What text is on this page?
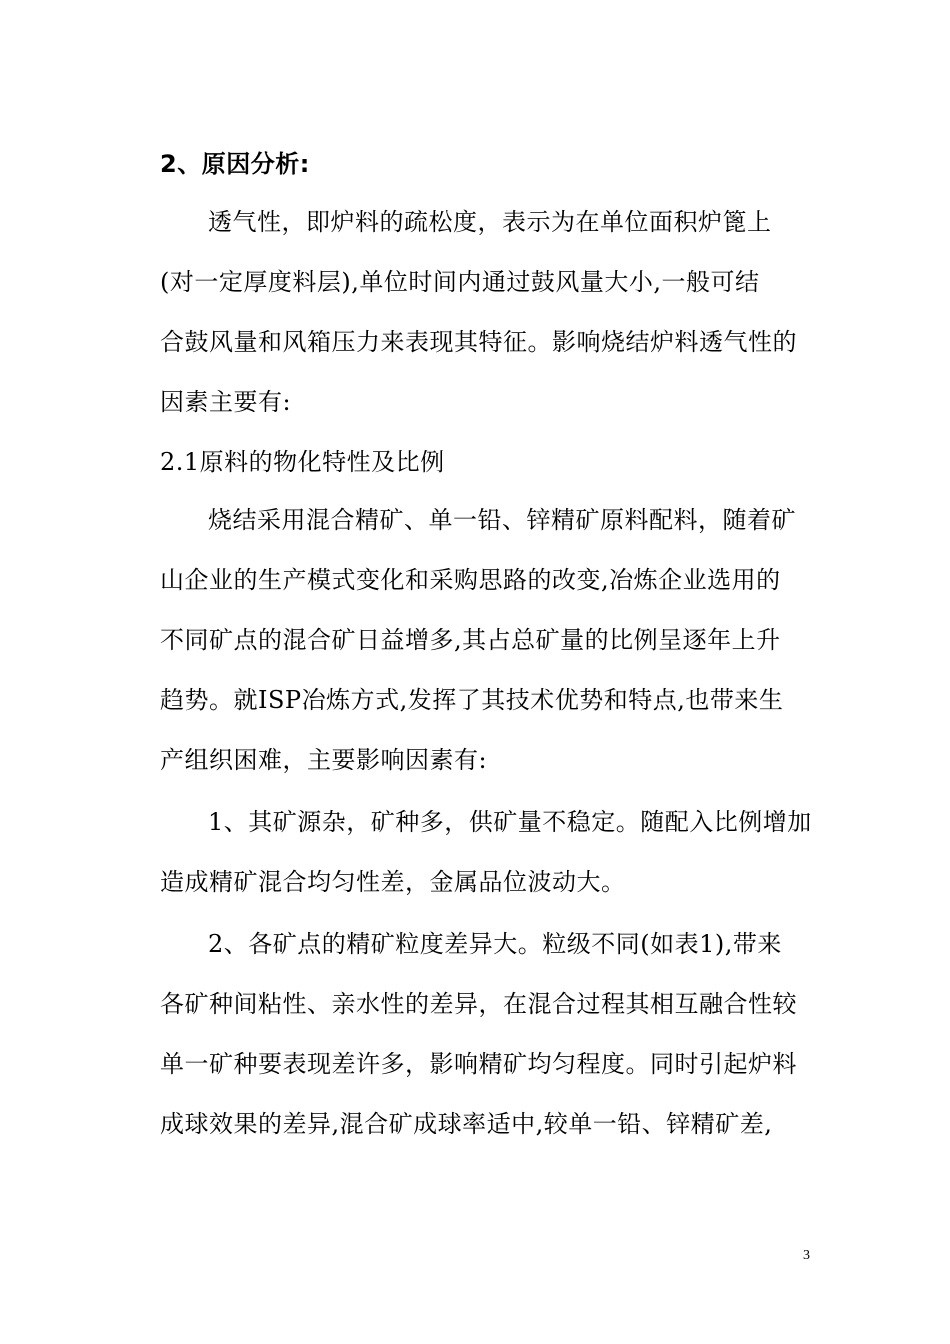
2、原因分析:
透气性，即炉料的疏松度，表示为在单位面积炉篦上
(对一定厚度料层),单位时间内通过鼓风量大小,一般可结
合鼓风量和风箱压力来表现其特征。影响烧结炉料透气性的
因素主要有:
2.1原料的物化特性及比例
烧结采用混合精矿、单一铅、锌精矿原料配料，随着矿
山企业的生产模式变化和采购思路的改变,冶炼企业选用的
不同矿点的混合矿日益增多,其占总矿量的比例呈逐年上升
趋势。就ISP冶炼方式,发挥了其技术优势和特点,也带来生
产组织困难，主要影响因素有:
1、其矿源杂，矿种多，供矿量不稳定。随配入比例增加
造成精矿混合均匀性差，金属品位波动大。
2、各矿点的精矿粒度差异大。粒级不同(如表1),带来
各矿种间粘性、亲水性的差异，在混合过程其相互融合性较
单一矿种要表现差许多，影响精矿均匀程度。同时引起炉料
成球效果的差异,混合矿成球率适中,较单一铅、锌精矿差,
3
